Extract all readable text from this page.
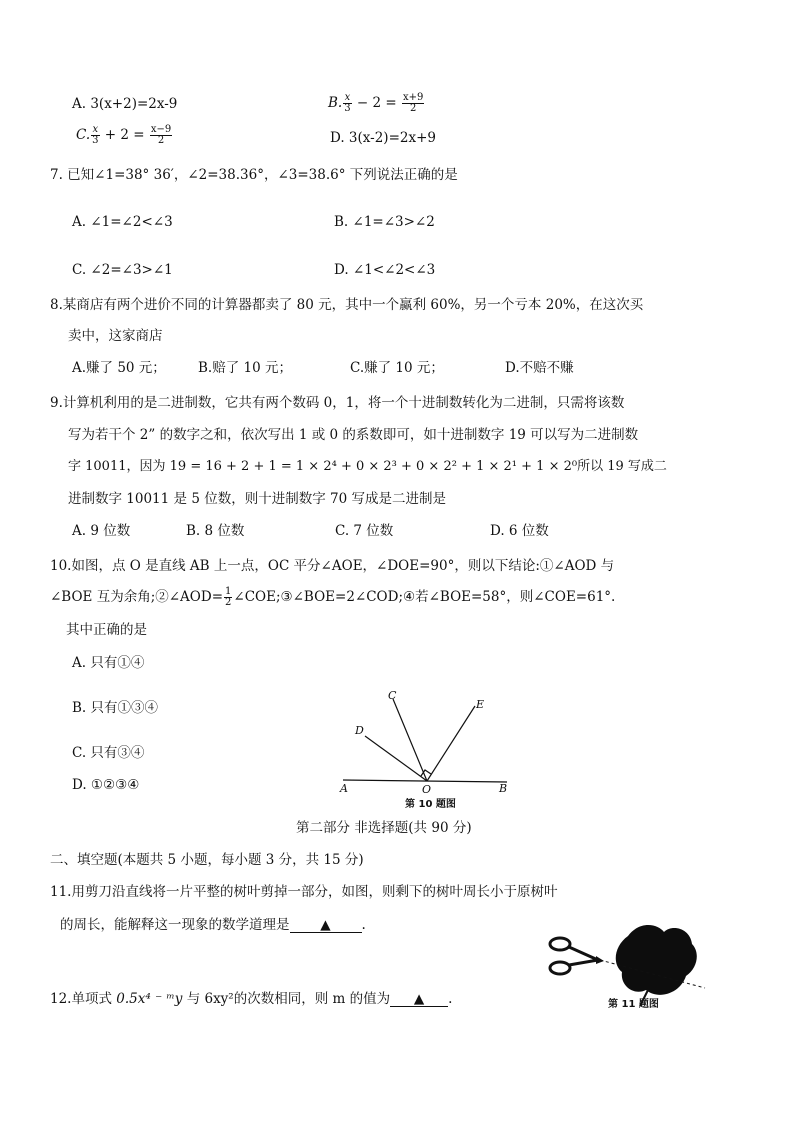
A. 3(x+2)=2x-9	B. $\frac{x}{3} - 2 = \frac{x+9}{2}$
C. $\frac{x}{3} + 2 = \frac{x-9}{2}$	D. 3(x-2)=2x+9
7. 已知∠1=38° 36′，∠2=38.36°，∠3=38.6° 下列说法正确的是
A. ∠1=∠2<∠3	B. ∠1=∠3>∠2
C. ∠2=∠3>∠1	D. ∠1<∠2<∠3
8.某商店有两个进价不同的计算器都卖了 80 元，其中一个赢利 60%，另一个亏本 20%，在这次买
卖中，这家商店
A.赚了 50 元； B.赔了 10 元；	C.赚了 10 元；	D.不赔不赚
9.计算机利用的是二进制数，它共有两个数码 0，1，将一个十进制数转化为二进制，只需将该数
写为若干个 2” 的数字之和，依次写出 1 或 0 的系数即可，如十进制数字 19 可以写为二进制数
字 10011，因为 19 = 16 + 2 + 1 = 1 × 2⁴ + 0 × 2³ + 0 × 2² + 1 × 2¹ + 1 × 2⁰所以 19 写成二
进制数字 10011 是 5 位数，则十进制数字 70 写成是二进制是
A. 9 位数	B. 8 位数	C. 7 位数	D. 6 位数
10.如图，点 O 是直线 AB 上一点，OC 平分∠AOE，∠DOE=90°，则以下结论:①∠AOD 与
∠BOE 互为余角;②∠AOD= $\frac{1}{2}$ ∠COE;③∠BOE=2∠COD;④若∠BOE=58°，则∠COE=61°.
其中正确的是
A. 只有①④
B. 只有①③④
C. 只有③④
D. ①②③④
C
D
E
A	O	B
第 10 题图
第二部分 非选择题(共 90 分)
二、填空题(本题共 5 小题，每小题 3 分，共 15 分)
11.用剪刀沿直线将一片平整的树叶剪掉一部分，如图，则剩下的树叶周长小于原树叶
的周长，能解释这一现象的数学道理是 ▲ .
第 11 题图
12.单项式 0.5x⁴ ⁻ ᵐy 与 6xy²的次数相同，则 m 的值为 ▲ .
